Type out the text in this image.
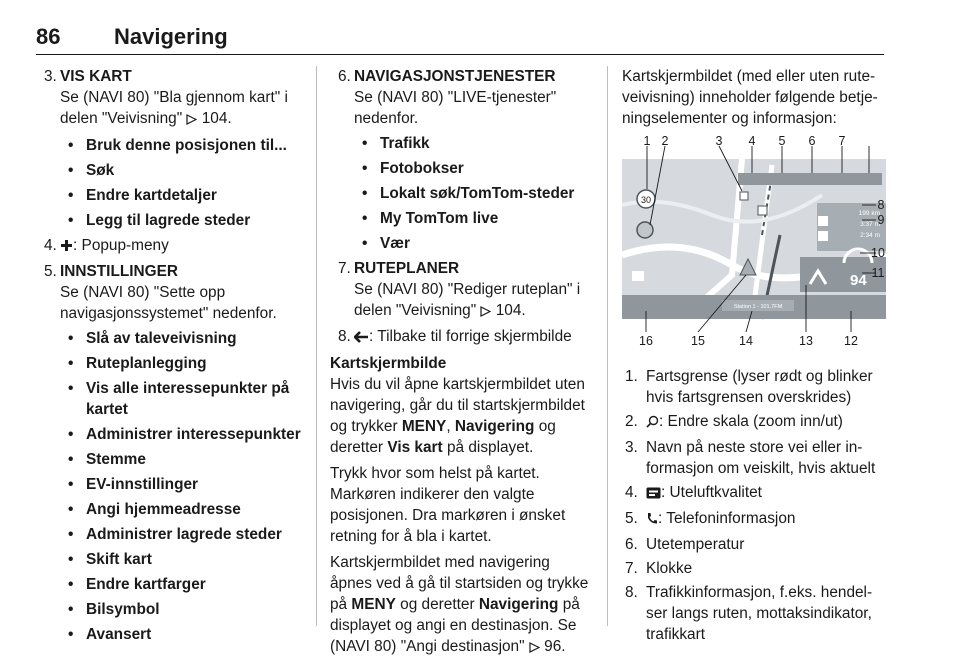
86 Navigering
3. VIS KART
Se (NAVI 80) "Bla gjennom kart" i delen "Veivisning" 104.
• Bruk denne posisjonen til...
• Søk
• Endre kartdetaljer
• Legg til lagrede steder
4. : Popup-meny
5. INNSTILLINGER
Se (NAVI 80) "Sette opp navigasjonssystemet" nedenfor.
• Slå av taleveivisning
• Ruteplanlegging
• Vis alle interessepunkter på kartet
• Administrer interessepunkter
• Stemme
• EV-innstillinger
• Angi hjemmeadresse
• Administrer lagrede steder
• Skift kart
• Endre kartfarger
• Bilsymbol
• Avansert
6. NAVIGASJONSTJENESTER
Se (NAVI 80) "LIVE-tjenester" nedenfor.
• Trafikk
• Fotobokser
• Lokalt søk/TomTom-steder
• My TomTom live
• Vær
7. RUTEPLANER
Se (NAVI 80) "Rediger ruteplan" i delen "Veivisning" 104.
8. : Tilbake til forrige skjermbilde
Kartskjermbilde

Hvis du vil åpne kartskjermbildet uten navigering, går du til startskjermbildet og trykker MENY, Navigering og deretter Vis kart på displayet.

Trykk hvor som helst på kartet. Markøren indikerer den valgte posisjonen. Dra markøren i ønsket retning for å bla i kartet.

Kartskjermbildet med navigering åpnes ved å gå til startsiden og trykke på MENY og deretter Navigering på displayet og angi en destinasjon. Se (NAVI 80) "Angi destinasjon" 96.

Kartskjermbildet (med eller uten rute-veivisning) inneholder følgende betje-ningselementer og informasjon:

30
199 km
3:37 m
2:34 m
94
Station 1 - 101.7FM
1 2	3 4 5 6 7
8
9
10
11
12
13
14
15
16
1. Fartsgrense (lyser rødt og blinker hvis fartsgrensen overskrides)
2. : Endre skala (zoom inn/ut)
3. Navn på neste store vei eller in-formasjon om veiskilt, hvis aktuelt
4. : Uteluftkvalitet
5. : Telefoninformasjon
6. Utetemperatur
7. Klokke
8. Trafikkinformasjon, f.eks. hendel-ser langs ruten, mottaksindikator, trafikkart
